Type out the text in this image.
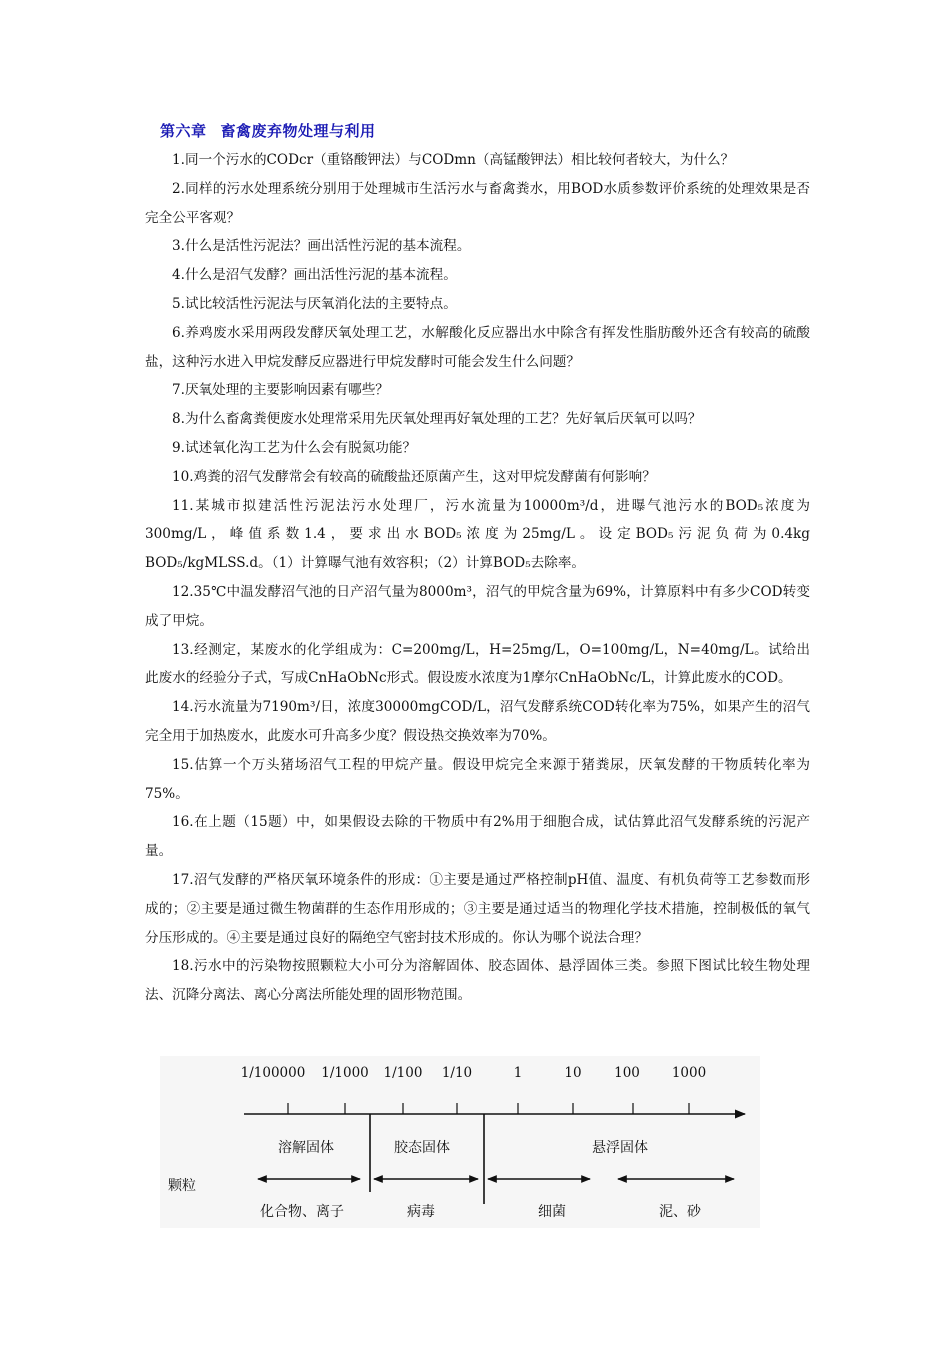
第六章 畜禽废弃物处理与利用

1.同一个污水的CODcr（重铬酸钾法）与CODmn（高锰酸钾法）相比较何者较大，为什么？

2.同样的污水处理系统分别用于处理城市生活污水与畜禽粪水，用BOD水质参数评价系统的处理效果是否完全公平客观？

3.什么是活性污泥法？画出活性污泥的基本流程。

4.什么是沼气发酵？画出活性污泥的基本流程。

5.试比较活性污泥法与厌氧消化法的主要特点。

6.养鸡废水采用两段发酵厌氧处理工艺，水解酸化反应器出水中除含有挥发性脂肪酸外还含有较高的硫酸盐，这种污水进入甲烷发酵反应器进行甲烷发酵时可能会发生什么问题？

7.厌氧处理的主要影响因素有哪些？

8.为什么畜禽粪便废水处理常采用先厌氧处理再好氧处理的工艺？先好氧后厌氧可以吗？

9.试述氧化沟工艺为什么会有脱氮功能？

10.鸡粪的沼气发酵常会有较高的硫酸盐还原菌产生，这对甲烷发酵菌有何影响？

11.某城市拟建活性污泥法污水处理厂，污水流量为10000m³/d，进曝气池污水的BOD₅浓度为300mg/L，峰值系数1.4，要求出水BOD₅浓度为25mg/L。设定BOD₅污泥负荷为0.4kg BOD₅/kgMLSS.d。（1）计算曝气池有效容积；（2）计算BOD₅去除率。

12.35℃中温发酵沼气池的日产沼气量为8000m³，沼气的甲烷含量为69%，计算原料中有多少COD转变成了甲烷。

13.经测定，某废水的化学组成为：C=200mg/L，H=25mg/L，O=100mg/L，N=40mg/L。试给出此废水的经验分子式，写成CnHaObNc形式。假设废水浓度为1摩尔CnHaObNc/L，计算此废水的COD。

14.污水流量为7190m³/日，浓度30000mgCOD/L，沼气发酵系统COD转化率为75%，如果产生的沼气完全用于加热废水，此废水可升高多少度？假设热交换效率为70%。

15.估算一个万头猪场沼气工程的甲烷产量。假设甲烷完全来源于猪粪尿，厌氧发酵的干物质转化率为75%。

16.在上题（15题）中，如果假设去除的干物质中有2%用于细胞合成，试估算此沼气发酵系统的污泥产量。

17.沼气发酵的严格厌氧环境条件的形成：①主要是通过严格控制pH值、温度、有机负荷等工艺参数而形成的；②主要是通过微生物菌群的生态作用形成的；③主要是通过适当的物理化学技术措施，控制极低的氧气分压形成的。④主要是通过良好的隔绝空气密封技术形成的。你认为哪个说法合理？

18.污水中的污染物按照颗粒大小可分为溶解固体、胶态固体、悬浮固体三类。参照下图试比较生物处理法、沉降分离法、离心分离法所能处理的固形物范围。

1/100000 1/1000 1/100 1/10	1	10 100 1000
溶解固体	胶态固体	悬浮固体
颗粒
化合物、离子	病毒	细菌	泥、砂
